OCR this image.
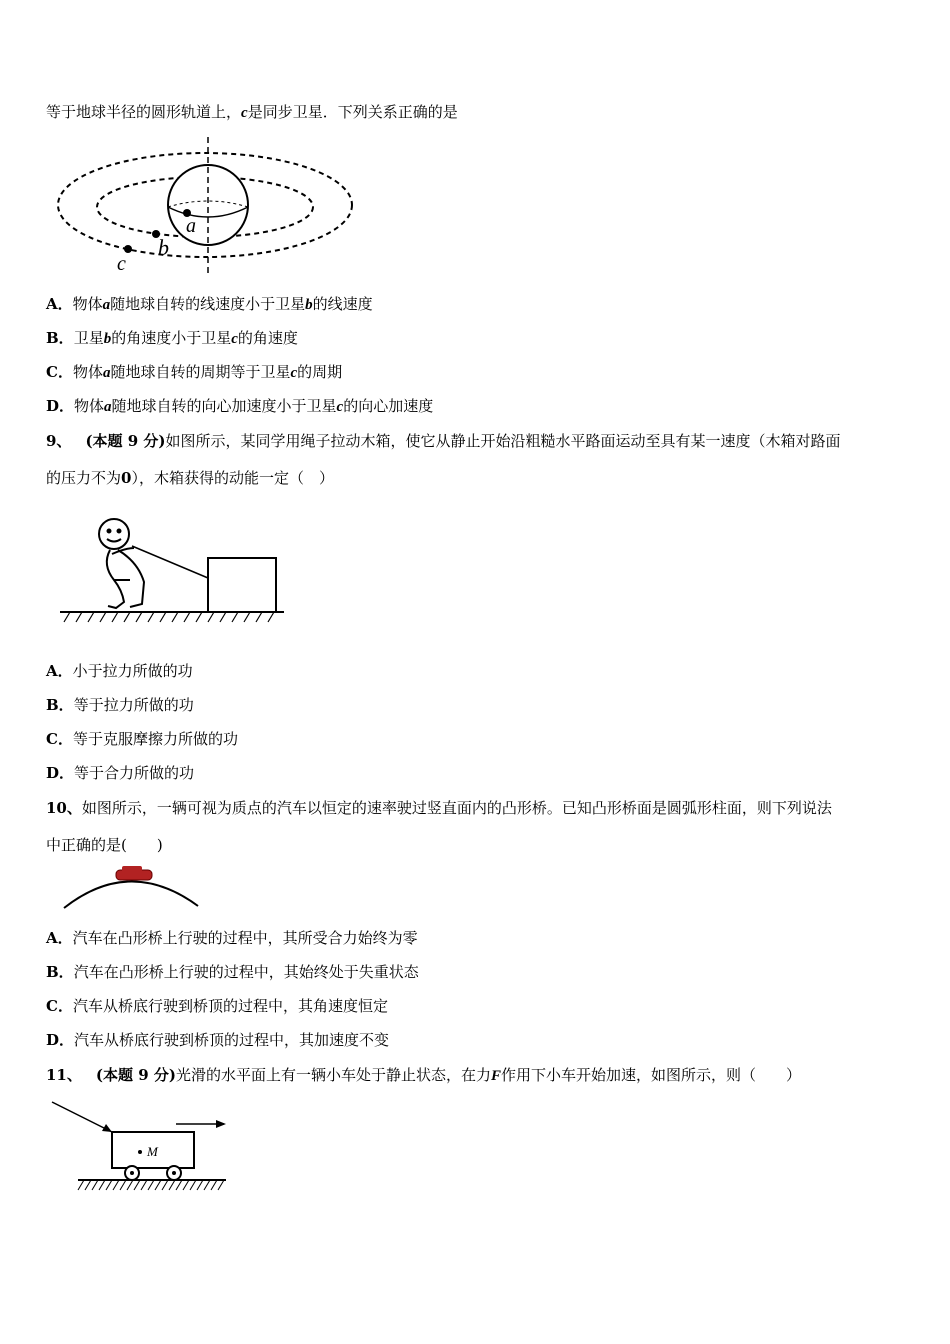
等于地球半径的圆形轨道上，c是同步卫星．下列关系正确的是
a
b
c
A．物体a随地球自转的线速度小于卫星b的线速度
B．卫星b的角速度小于卫星c的角速度
C．物体a随地球自转的周期等于卫星c的周期
D．物体a随地球自转的向心加速度小于卫星c的向心加速度
9、 (本题 9 分)如图所示，某同学用绳子拉动木箱，使它从静止开始沿粗糙水平路面运动至具有某一速度（木箱对路面
的压力不为0），木箱获得的动能一定（　）
A．小于拉力所做的功
B．等于拉力所做的功
C．等于克服摩擦力所做的功
D．等于合力所做的功
10、如图所示，一辆可视为质点的汽车以恒定的速率驶过竖直面内的凸形桥。已知凸形桥面是圆弧形柱面，则下列说法
中正确的是(　　)
A．汽车在凸形桥上行驶的过程中，其所受合力始终为零
B．汽车在凸形桥上行驶的过程中，其始终处于失重状态
C．汽车从桥底行驶到桥顶的过程中，其角速度恒定
D．汽车从桥底行驶到桥顶的过程中，其加速度不变
11、 (本题 9 分)光滑的水平面上有一辆小车处于静止状态，在力F作用下小车开始加速，如图所示，则（　　）
M
